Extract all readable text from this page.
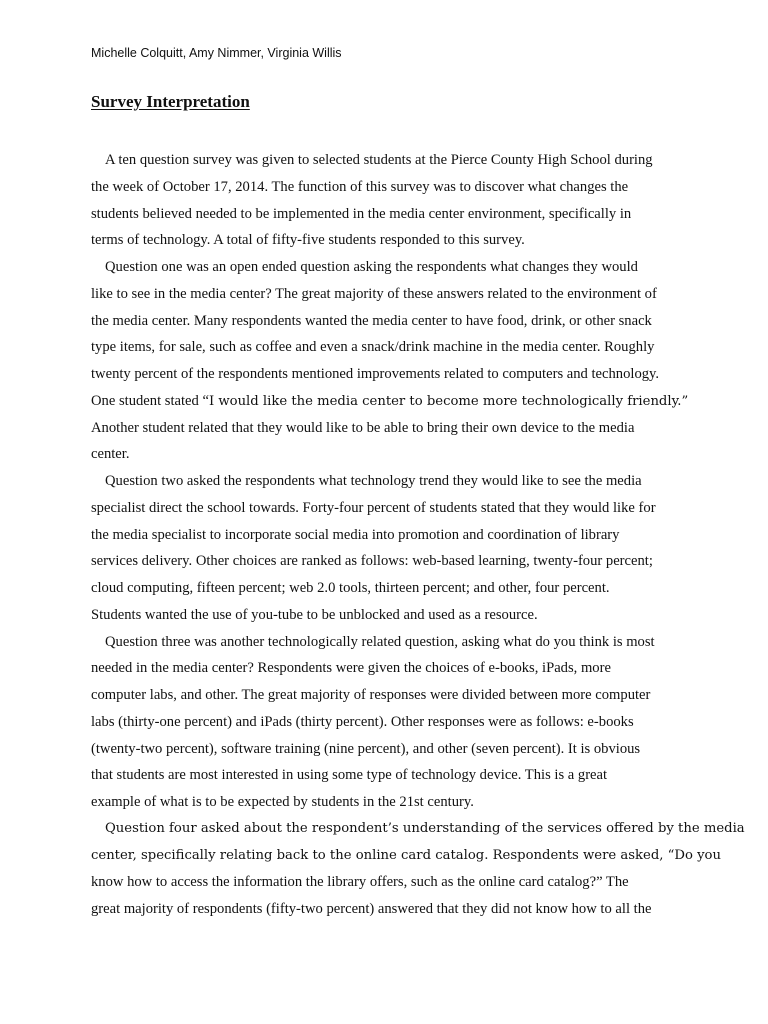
Michelle Colquitt, Amy Nimmer, Virginia Willis
Survey Interpretation
A ten question survey was given to selected students at the Pierce County High School during
the week of October 17, 2014. The function of this survey was to discover what changes the
students believed needed to be implemented in the media center environment, specifically in
terms of technology. A total of fifty-five students responded to this survey.
Question one was an open ended question asking the respondents what changes they would
like to see in the media center? The great majority of these answers related to the environment of
the media center. Many respondents wanted the media center to have food, drink, or other snack
type items, for sale, such as coffee and even a snack/drink machine in the media center. Roughly
twenty percent of the respondents mentioned improvements related to computers and technology.
One student stated “I would like the media center to become more technologically friendly.”
Another student related that they would like to be able to bring their own device to the media
center.
Question two asked the respondents what technology trend they would like to see the media
specialist direct the school towards. Forty-four percent of students stated that they would like for
the media specialist to incorporate social media into promotion and coordination of library
services delivery. Other choices are ranked as follows: web-based learning, twenty-four percent;
cloud computing, fifteen percent; web 2.0 tools, thirteen percent; and other, four percent.
Students wanted the use of you-tube to be unblocked and used as a resource.
Question three was another technologically related question, asking what do you think is most
needed in the media center? Respondents were given the choices of e-books, iPads, more
computer labs, and other. The great majority of responses were divided between more computer
labs (thirty-one percent) and iPads (thirty percent). Other responses were as follows: e-books
(twenty-two percent), software training (nine percent), and other (seven percent). It is obvious
that students are most interested in using some type of technology device. This is a great
example of what is to be expected by students in the 21st century.
Question four asked about the respondent’s understanding of the services offered by the media
center, specifically relating back to the online card catalog. Respondents were asked, “Do you
know how to access the information the library offers, such as the online card catalog?” The
great majority of respondents (fifty-two percent) answered that they did not know how to all the
